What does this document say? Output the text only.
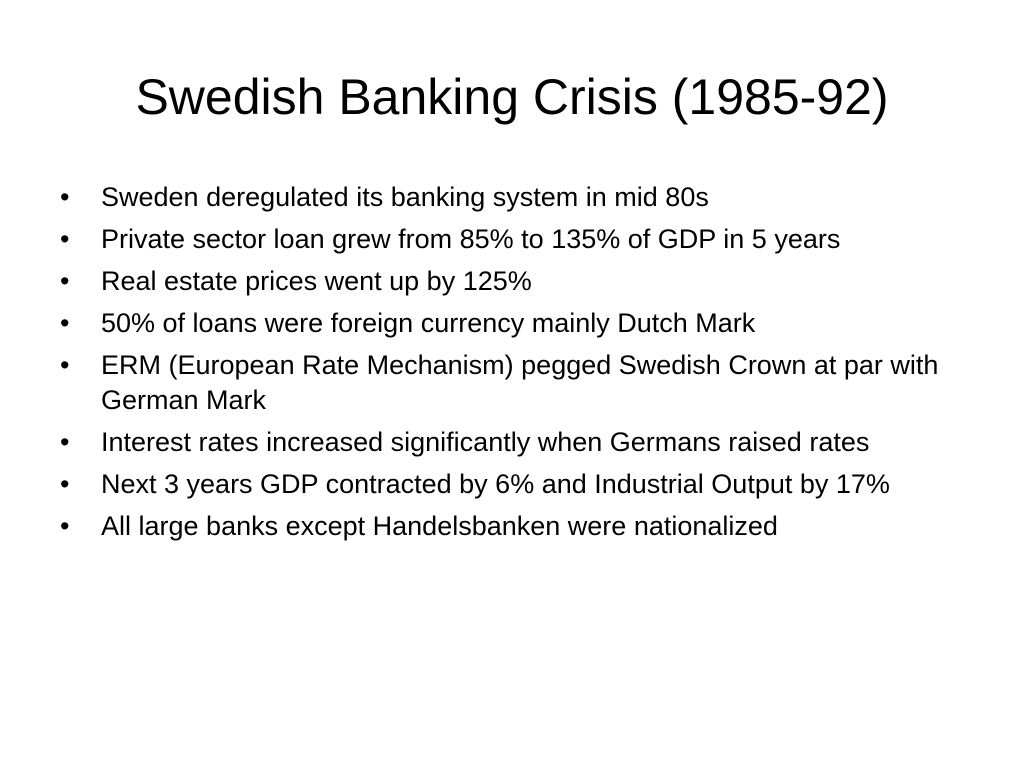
Swedish Banking Crisis (1985-92)
•	Sweden deregulated its banking system in mid 80s
•	Private sector loan grew from 85% to 135% of GDP in 5 years
•	Real estate prices went up by 125%
•	50% of loans were foreign currency mainly Dutch Mark
•	ERM (European Rate Mechanism) pegged Swedish Crown at par with German Mark
•	Interest rates increased significantly when Germans raised rates
•	Next 3 years GDP contracted by 6% and Industrial Output by 17%
•	All large banks except Handelsbanken were nationalized
